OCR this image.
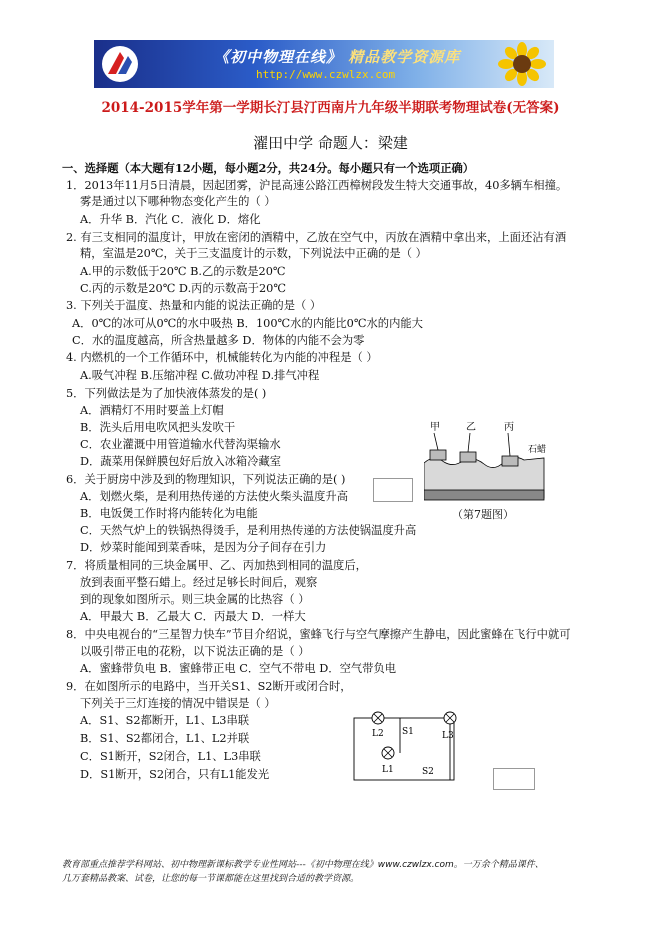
《初中物理在线》 精品教学资源库
http://www.czwlzx.com
2014-2015学年第一学期长汀县汀西南片九年级半期联考物理试卷(无答案)
濯田中学 命题人：梁建
一、选择题（本大题有12小题，每小题2分，共24分。每小题只有一个选项正确）
1．2013年11月5日清晨，因起团雾，沪昆高速公路江西樟树段发生特大交通事故，40多辆车相撞。
雾是通过以下哪种物态变化产生的（ ）
A．升华 B．汽化 C．液化 D．熔化
2. 有三支相同的温度计，甲放在密闭的酒精中，乙放在空气中，丙放在酒精中拿出来，上面还沾有酒
精，室温是20℃，关于三支温度计的示数，下列说法中正确的是（ ）
A.甲的示数低于20℃ B.乙的示数是20℃
C.丙的示数是20℃ D.丙的示数高于20℃
3. 下列关于温度、热量和内能的说法正确的是（ ）
A．0℃的冰可从0℃的水中吸热 B．100℃水的内能比0℃水的内能大
C．水的温度越高，所含热量越多 D．物体的内能不会为零
4. 内燃机的一个工作循环中，机械能转化为内能的冲程是（ ）
A.吸气冲程 B.压缩冲程 C.做功冲程 D.排气冲程
5．下列做法是为了加快液体蒸发的是( )
A．酒精灯不用时要盖上灯帽
B．洗头后用电吹风把头发吹干
C．农业灌溉中用管道输水代替沟渠输水
D．蔬菜用保鲜膜包好后放入冰箱冷藏室
6．关于厨房中涉及到的物理知识，下列说法正确的是( )
A．划燃火柴，是利用热传递的方法使火柴头温度升高
B．电饭煲工作时将内能转化为电能
C．天然气炉上的铁锅热得烫手，是利用热传递的方法使锅温度升高
D．炒菜时能闻到菜香味，是因为分子间存在引力
7．将质量相同的三块金属甲、乙、丙加热到相同的温度后，
放到表面平整石蜡上。经过足够长时间后，观察
到的现象如图所示。则三块金属的比热容（ ）
A．甲最大 B．乙最大 C．丙最大 D．一样大
8．中央电视台的“三星智力快车”节目介绍说，蜜蜂飞行与空气摩擦产生静电，因此蜜蜂在飞行中就可
以吸引带正电的花粉，以下说法正确的是（ ）
A．蜜蜂带负电 B．蜜蜂带正电 C．空气不带电 D．空气带负电
9．在如图所示的电路中，当开关S1、S2断开或闭合时，
下列关于三灯连接的情况中错误是（ ）
A．S1、S2都断开，L1、L3串联
B．S1、S2都闭合，L1、L2并联
C．S1断开，S2闭合，L1、L3串联
D．S1断开，S2闭合，只有L1能发光
甲	乙	丙
石蜡
（第7题图）
L2 S1	L3
L1	S2
教育部重点推荐学科网站、初中物理新课标教学专业性网站---《初中物理在线》www.czwlzx.com。一万余个精品课件、
几万套精品教案、试卷，让您的每一节课都能在这里找到合适的教学资源。
